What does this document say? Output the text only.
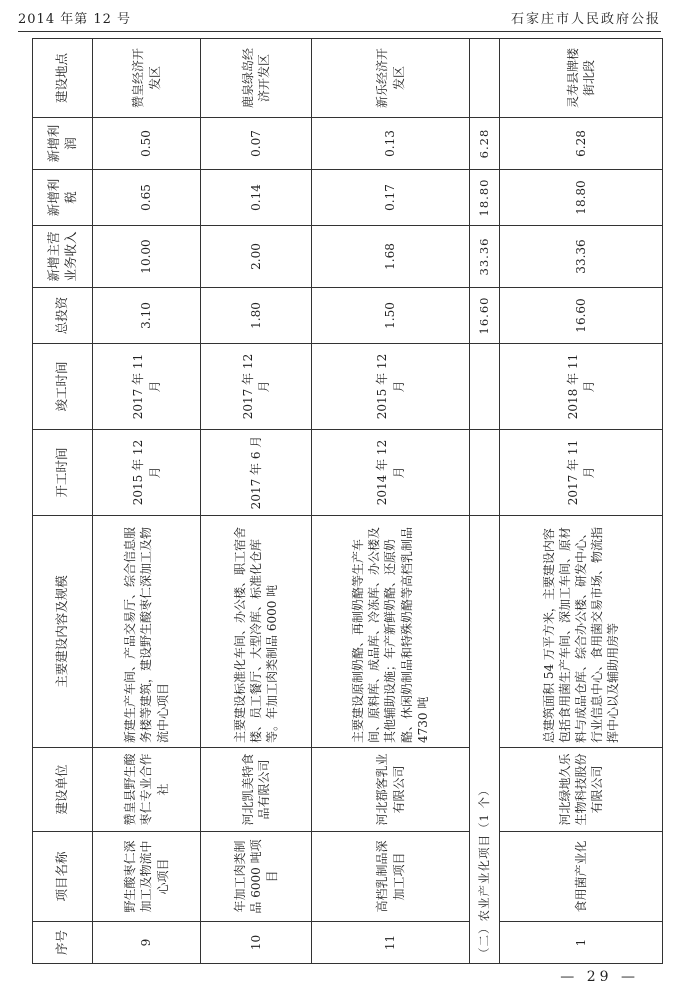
2014 年第 12 号	石家庄市人民政府公报
序号	项目名称	建设单位	主要建设内容及规模	开工时间	竣工时间	总投资	新增主营业务收入	新增利税	新增利润	建设地点
9	野生酸枣仁深加工及物流中心项目	赞皇县野生酸枣仁专业合作社	新建生产车间、产品交易厅、综合信息服务楼等建筑，建设野生酸枣仁深加工及物流中心项目	2015 年 12 月	2017 年 11 月	3.10	10.00	0.65	0.50	赞皇经济开发区
10	年加工肉类制品 6000 吨项目	河北凯美特食品有限公司	主要建设标准化车间、办公楼、职工宿舍楼、员工餐厅、大型冷库、标准化仓库等。年加工肉类制品 6000 吨	2017 年 6 月	2017 年 12 月	1.80	2.00	0.14	0.07	鹿泉绿岛经济开发区
11	高档乳制品深加工项目	河北鄀客乳业有限公司	主要建设原制奶酪、再制奶酪等生产车间、原料库、成品库、冷冻库、办公楼及其他辅助设施；年产新鲜奶酪、还原奶酪、休闲奶制品和特殊奶酪等高档乳制品 4730 吨	2014 年 12 月	2015 年 12 月	1.50	1.68	0.17	0.13	新乐经济开发区
（二）农业产业化项目（1 个）						16.60	33.36	18.80	6.28	
1	食用菌产业化	河北绿地久乐生物科技股份有限公司	总建筑面积 54 万平方米，主要建设内容包括食用菌生产车间、深加工车间、原材料与成品仓库、综合办公楼、研发中心、行业信息中心、食用菌交易市场、物流指挥中心以及辅助用房等	2017 年 11 月	2018 年 11 月	16.60	33.36	18.80	6.28	灵寿县牌楼街北段
— 29 —
